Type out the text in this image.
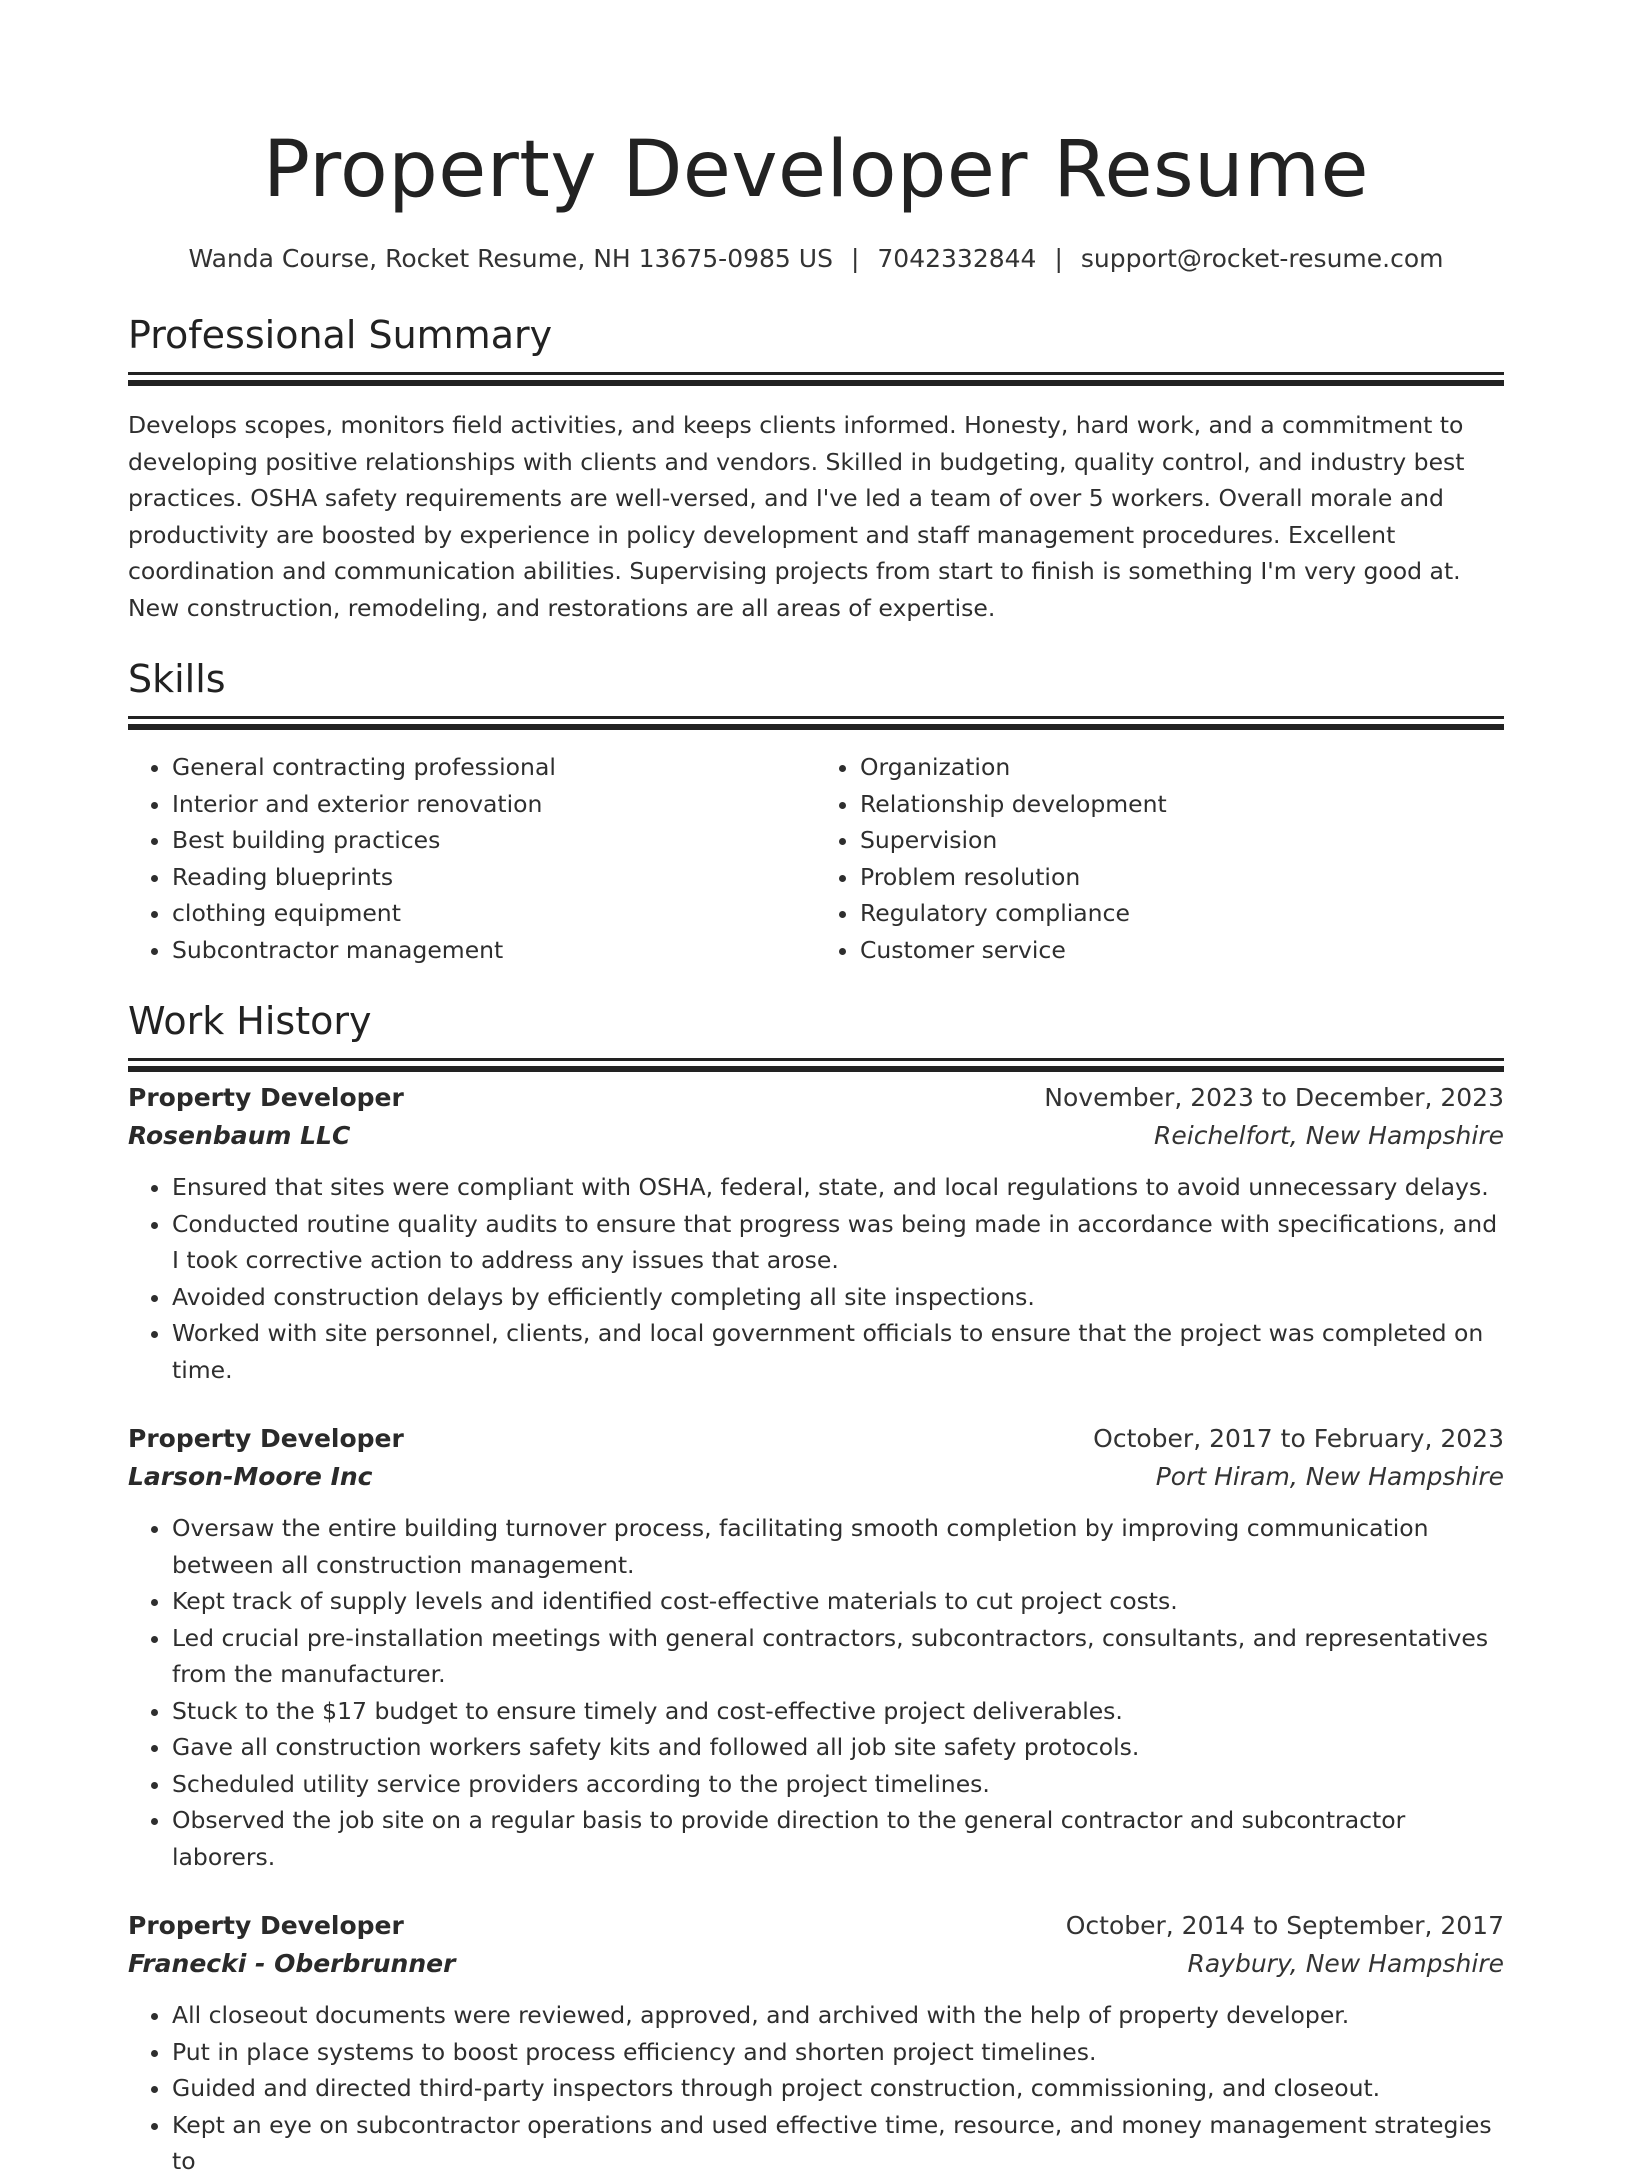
Property Developer Resume
Wanda Course, Rocket Resume, NH 13675-0985 US | 7042332844 | support@rocket-resume.com
Professional Summary
Develops scopes, monitors field activities, and keeps clients informed. Honesty, hard work, and a commitment to developing positive relationships with clients and vendors. Skilled in budgeting, quality control, and industry best practices. OSHA safety requirements are well-versed, and I've led a team of over 5 workers. Overall morale and productivity are boosted by experience in policy development and staff management procedures. Excellent coordination and communication abilities. Supervising projects from start to finish is something I'm very good at. New construction, remodeling, and restorations are all areas of expertise.
Skills
• General contracting professional
• Interior and exterior renovation
• Best building practices
• Reading blueprints
• clothing equipment
• Subcontractor management
• Organization
• Relationship development
• Supervision
• Problem resolution
• Regulatory compliance
• Customer service
Work History
Property Developer	November, 2023 to December, 2023
Rosenbaum LLC	Reichelfort, New Hampshire
• Ensured that sites were compliant with OSHA, federal, state, and local regulations to avoid unnecessary delays.
• Conducted routine quality audits to ensure that progress was being made in accordance with specifications, and I took corrective action to address any issues that arose.
• Avoided construction delays by efficiently completing all site inspections.
• Worked with site personnel, clients, and local government officials to ensure that the project was completed on time.
Property Developer	October, 2017 to February, 2023
Larson-Moore Inc	Port Hiram, New Hampshire
• Oversaw the entire building turnover process, facilitating smooth completion by improving communication between all construction management.
• Kept track of supply levels and identified cost-effective materials to cut project costs.
• Led crucial pre-installation meetings with general contractors, subcontractors, consultants, and representatives from the manufacturer.
• Stuck to the $17 budget to ensure timely and cost-effective project deliverables.
• Gave all construction workers safety kits and followed all job site safety protocols.
• Scheduled utility service providers according to the project timelines.
• Observed the job site on a regular basis to provide direction to the general contractor and subcontractor laborers.
Property Developer	October, 2014 to September, 2017
Franecki - Oberbrunner	Raybury, New Hampshire
• All closeout documents were reviewed, approved, and archived with the help of property developer.
• Put in place systems to boost process efficiency and shorten project timelines.
• Guided and directed third-party inspectors through project construction, commissioning, and closeout.
• Kept an eye on subcontractor operations and used effective time, resource, and money management strategies to
